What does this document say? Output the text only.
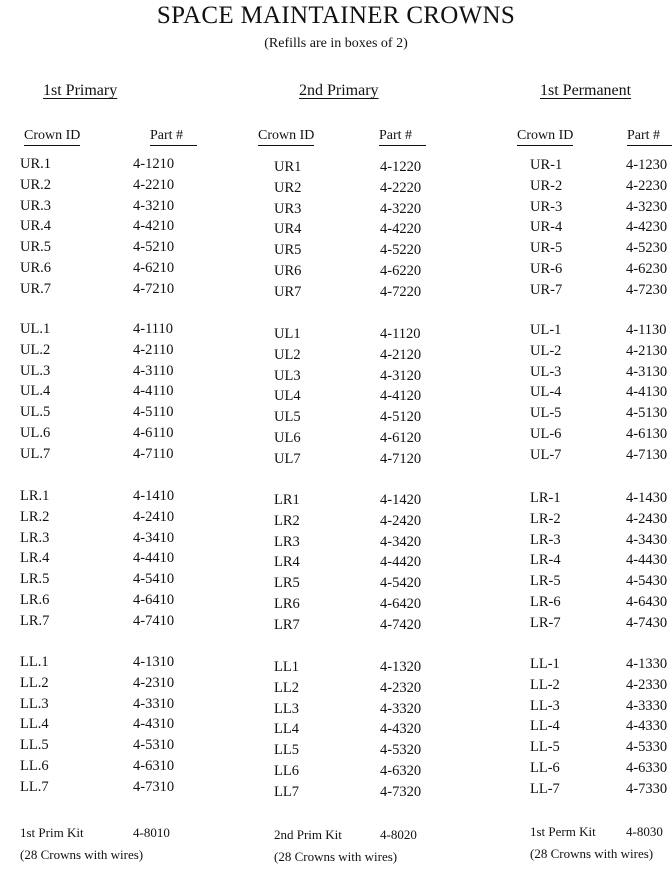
SPACE MAINTAINER CROWNS
(Refills are in boxes of 2)
1st Primary
Crown ID	Part #
UR.1	4-1210
UR.2	4-2210
UR.3	4-3210
UR.4	4-4210
UR.5	4-5210
UR.6	4-6210
UR.7	4-7210
UL.1	4-1110
UL.2	4-2110
UL.3	4-3110
UL.4	4-4110
UL.5	4-5110
UL.6	4-6110
UL.7	4-7110
LR.1	4-1410
LR.2	4-2410
LR.3	4-3410
LR.4	4-4410
LR.5	4-5410
LR.6	4-6410
LR.7	4-7410
LL.1	4-1310
LL.2	4-2310
LL.3	4-3310
LL.4	4-4310
LL.5	4-5310
LL.6	4-6310
LL.7	4-7310
1st Prim Kit	4-8010
(28 Crowns with wires)
2nd Primary
Crown ID	Part #
UR1	4-1220
UR2	4-2220
UR3	4-3220
UR4	4-4220
UR5	4-5220
UR6	4-6220
UR7	4-7220
UL1	4-1120
UL2	4-2120
UL3	4-3120
UL4	4-4120
UL5	4-5120
UL6	4-6120
UL7	4-7120
LR1	4-1420
LR2	4-2420
LR3	4-3420
LR4	4-4420
LR5	4-5420
LR6	4-6420
LR7	4-7420
LL1	4-1320
LL2	4-2320
LL3	4-3320
LL4	4-4320
LL5	4-5320
LL6	4-6320
LL7	4-7320
2nd Prim Kit	4-8020
(28 Crowns with wires)
1st Permanent
Crown ID	Part #
UR-1	4-1230
UR-2	4-2230
UR-3	4-3230
UR-4	4-4230
UR-5	4-5230
UR-6	4-6230
UR-7	4-7230
UL-1	4-1130
UL-2	4-2130
UL-3	4-3130
UL-4	4-4130
UL-5	4-5130
UL-6	4-6130
UL-7	4-7130
LR-1	4-1430
LR-2	4-2430
LR-3	4-3430
LR-4	4-4430
LR-5	4-5430
LR-6	4-6430
LR-7	4-7430
LL-1	4-1330
LL-2	4-2330
LL-3	4-3330
LL-4	4-4330
LL-5	4-5330
LL-6	4-6330
LL-7	4-7330
1st Perm Kit 4-8030
(28 Crowns with wires)
